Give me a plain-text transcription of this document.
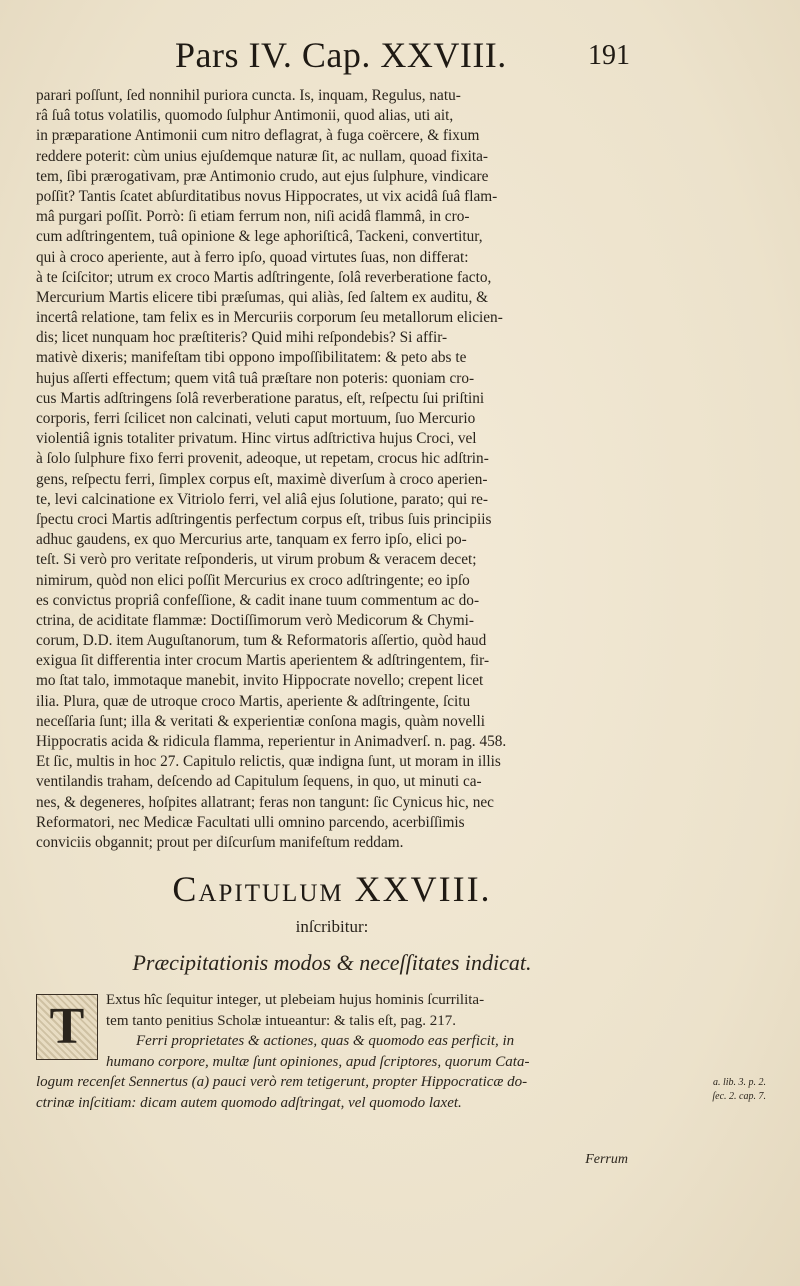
Pars IV. Cap. XXVIII.	191
parari poſſunt, ſed nonnihil puriora cuncta. Is, inquam, Regulus, natu-
râ ſuâ totus volatilis, quomodo ſulphur Antimonii, quod alias, uti ait,
in præparatione Antimonii cum nitro deflagrat, à fuga coërcere, & fixum
reddere poterit: cùm unius ejuſdemque naturæ ſit, ac nullam, quoad fixita-
tem, ſibi prærogativam, præ Antimonio crudo, aut ejus ſulphure, vindicare
poſſit? Tantis ſcatet abſurditatibus novus Hippocrates, ut vix acidâ ſuâ flam-
mâ purgari poſſit. Porrò: ſi etiam ferrum non, niſi acidâ flammâ, in cro-
cum adſtringentem, tuâ opinione & lege aphoriſticâ, Tackeni, convertitur,
qui à croco aperiente, aut à ferro ipſo, quoad virtutes ſuas, non differat:
à te ſciſcitor; utrum ex croco Martis adſtringente, ſolâ reverberatione facto,
Mercurium Martis elicere tibi præſumas, qui aliàs, ſed ſaltem ex auditu, &
incertâ relatione, tam felix es in Mercuriis corporum ſeu metallorum elicien-
dis; licet nunquam hoc præſtiteris? Quid mihi reſpondebis? Si affir-
mativè dixeris; manifeſtam tibi oppono impoſſibilitatem: & peto abs te
hujus aſſerti effectum; quem vitâ tuâ præſtare non poteris: quoniam cro-
cus Martis adſtringens ſolâ reverberatione paratus, eſt, reſpectu ſui priſtini
corporis, ferri ſcilicet non calcinati, veluti caput mortuum, ſuo Mercurio
violentiâ ignis totaliter privatum. Hinc virtus adſtrictiva hujus Croci, vel
à ſolo ſulphure fixo ferri provenit, adeoque, ut repetam, crocus hic adſtrin-
gens, reſpectu ferri, ſimplex corpus eſt, maximè diverſum à croco aperien-
te, levi calcinatione ex Vitriolo ferri, vel aliâ ejus ſolutione, parato; qui re-
ſpectu croci Martis adſtringentis perfectum corpus eſt, tribus ſuis principiis
adhuc gaudens, ex quo Mercurius arte, tanquam ex ferro ipſo, elici po-
teſt. Si verò pro veritate reſponderis, ut virum probum & veracem decet;
nimirum, quòd non elici poſſit Mercurius ex croco adſtringente; eo ipſo
es convictus propriâ confeſſione, & cadit inane tuum commentum ac do-
ctrina, de aciditate flammæ: Doctiſſimorum verò Medicorum & Chymi-
corum, D.D. item Auguſtanorum, tum & Reformatoris aſſertio, quòd haud
exigua ſit differentia inter crocum Martis aperientem & adſtringentem, fir-
mo ſtat talo, immotaque manebit, invito Hippocrate novello; crepent licet
ilia. Plura, quæ de utroque croco Martis, aperiente & adſtringente, ſcitu
neceſſaria ſunt; illa & veritati & experientiæ conſona magis, quàm novelli
Hippocratis acida & ridicula flamma, reperientur in Animadverſ. n. pag. 458.
Et ſic, multis in hoc 27. Capitulo relictis, quæ indigna ſunt, ut moram in illis
ventilandis traham, deſcendo ad Capitulum ſequens, in quo, ut minuti ca-
nes, & degeneres, hoſpites allatrant; feras non tangunt: ſic Cynicus hic, nec
Reformatori, nec Medicæ Facultati ulli omnino parcendo, acerbiſſimis
conviciis obgannit; prout per diſcurſum manifeſtum reddam.
Capitulum XXVIII.
inſcribitur:
Præcipitationis modos & neceſſitates indicat.
T	Extus hîc ſequitur integer, ut plebeiam hujus hominis ſcurrilita-
tem tanto penitius Scholæ intueantur: & talis eſt, pag. 217.
Ferri proprietates & actiones, quas & quomodo eas perficit, in
humano corpore, multæ ſunt opiniones, apud ſcriptores, quorum Cata-
logum recenſet Sennertus (a) pauci verò rem tetigerunt, propter Hippocraticæ do-
ctrinæ inſcitiam: dicam autem quomodo adſtringat, vel quomodo laxet.
a. lib. 3. p. 2.
ſec. 2. cap. 7.
Ferrum
